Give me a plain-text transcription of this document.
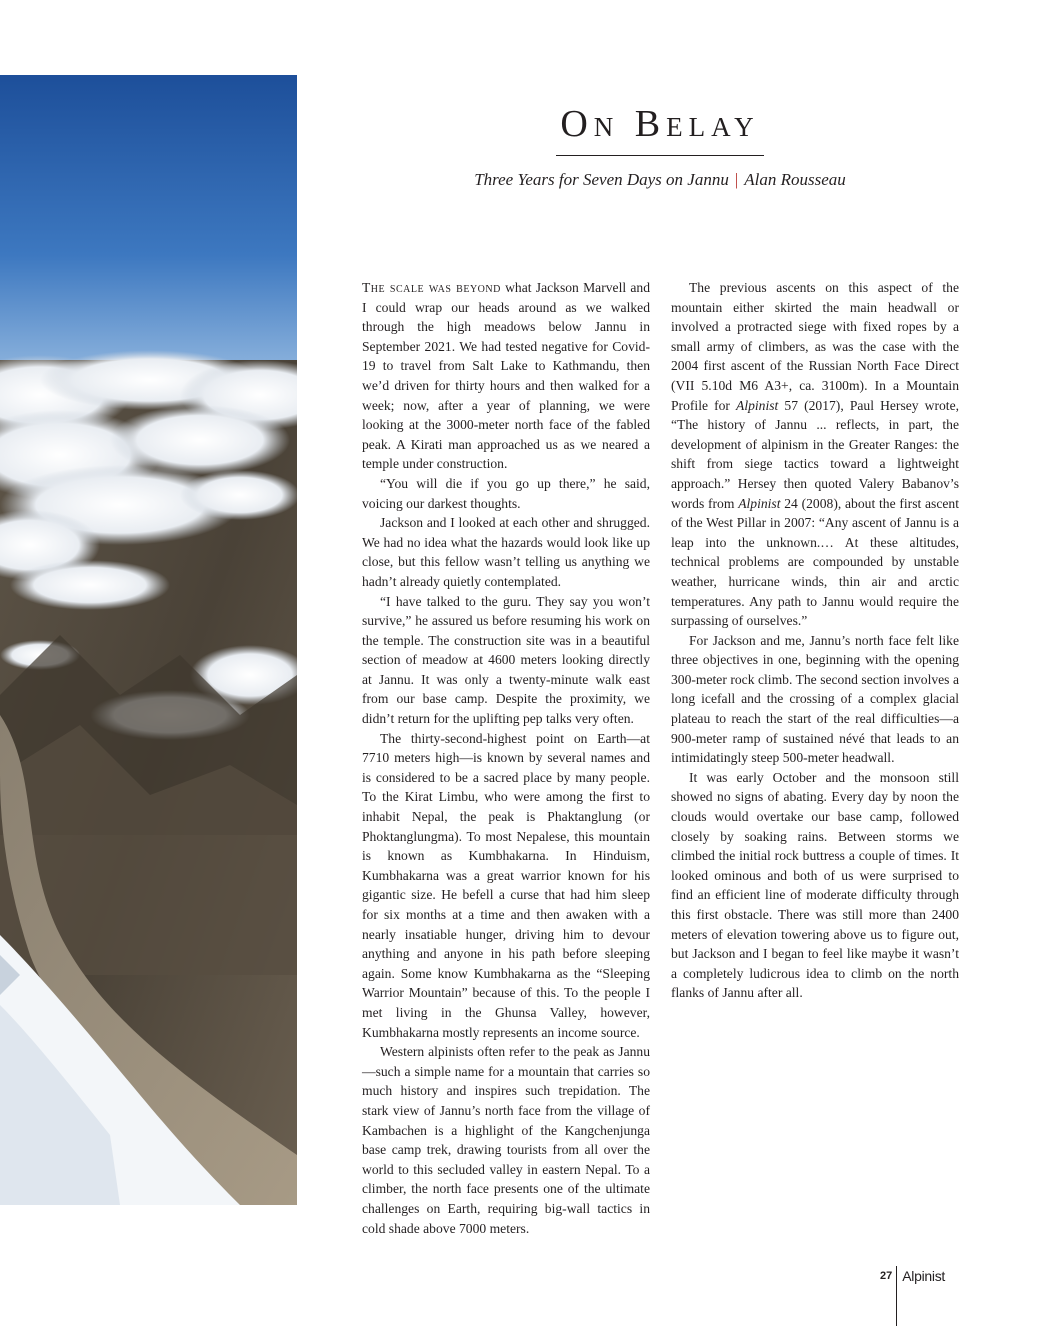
On Belay
Three Years for Seven Days on Jannu | Alan Rousseau

The scale was beyond what Jackson Marvell and I could wrap our heads around as we walked through the high meadows below Jannu in September 2021. We had tested negative for Covid-19 to travel from Salt Lake to Kathmandu, then we’d driven for thirty hours and then walked for a week; now, after a year of planning, we were looking at the 3000-meter north face of the fabled peak. A Kirati man approached us as we neared a temple under construction.

“You will die if you go up there,” he said, voicing our darkest thoughts.

Jackson and I looked at each other and shrugged. We had no idea what the hazards would look like up close, but this fellow wasn’t telling us anything we hadn’t already quietly contemplated.

“I have talked to the guru. They say you won’t survive,” he assured us before resuming his work on the temple. The construction site was in a beautiful section of meadow at 4600 meters looking directly at Jannu. It was only a twenty-minute walk east from our base camp. Despite the proximity, we didn’t return for the uplifting pep talks very often.

The thirty-second-highest point on Earth—at 7710 meters high—is known by several names and is considered to be a sacred place by many people. To the Kirat Limbu, who were among the first to inhabit Nepal, the peak is Phaktanglung (or Phoktanglungma). To most Nepalese, this mountain is known as Kumbhakarna. In Hinduism, Kumbhakarna was a great warrior known for his gigantic size. He befell a curse that had him sleep for six months at a time and then awaken with a nearly insatiable hunger, driving him to devour anything and anyone in his path before sleeping again. Some know Kumbhakarna as the “Sleeping Warrior Mountain” because of this. To the people I met living in the Ghunsa Valley, however, Kumbhakarna mostly represents an income source.

Western alpinists often refer to the peak as Jannu—such a simple name for a mountain that carries so much history and inspires such trepidation. The stark view of Jannu’s north face from the village of Kambachen is a highlight of the Kangchenjunga base camp trek, drawing tourists from all over the world to this secluded valley in eastern Nepal. To a climber, the north face presents one of the ultimate challenges on Earth, requiring big-wall tactics in cold shade above 7000 meters.

The previous ascents on this aspect of the mountain either skirted the main headwall or involved a protracted siege with fixed ropes by a small army of climbers, as was the case with the 2004 first ascent of the Russian North Face Direct (VII 5.10d M6 A3+, ca. 3100m). In a Mountain Profile for Alpinist 57 (2017), Paul Hersey wrote, “The history of Jannu ... reflects, in part, the development of alpinism in the Greater Ranges: the shift from siege tactics toward a lightweight approach.” Hersey then quoted Valery Babanov’s words from Alpinist 24 (2008), about the first ascent of the West Pillar in 2007: “Any ascent of Jannu is a leap into the unknown.… At these altitudes, technical problems are compounded by unstable weather, hurricane winds, thin air and arctic temperatures. Any path to Jannu would require the surpassing of ourselves.”

For Jackson and me, Jannu’s north face felt like three objectives in one, beginning with the opening 300-meter rock climb. The second section involves a long icefall and the crossing of a complex glacial plateau to reach the start of the real difficulties—a 900-meter ramp of sustained névé that leads to an intimidatingly steep 500-meter headwall.

It was early October and the monsoon still showed no signs of abating. Every day by noon the clouds would overtake our base camp, followed closely by soaking rains. Between storms we climbed the initial rock buttress a couple of times. It looked ominous and both of us were surprised to find an efficient line of moderate difficulty through this first obstacle. There was still more than 2400 meters of elevation towering above us to figure out, but Jackson and I began to feel like maybe it wasn’t a completely ludicrous idea to climb on the north flanks of Jannu after all.

27 Alpinist
